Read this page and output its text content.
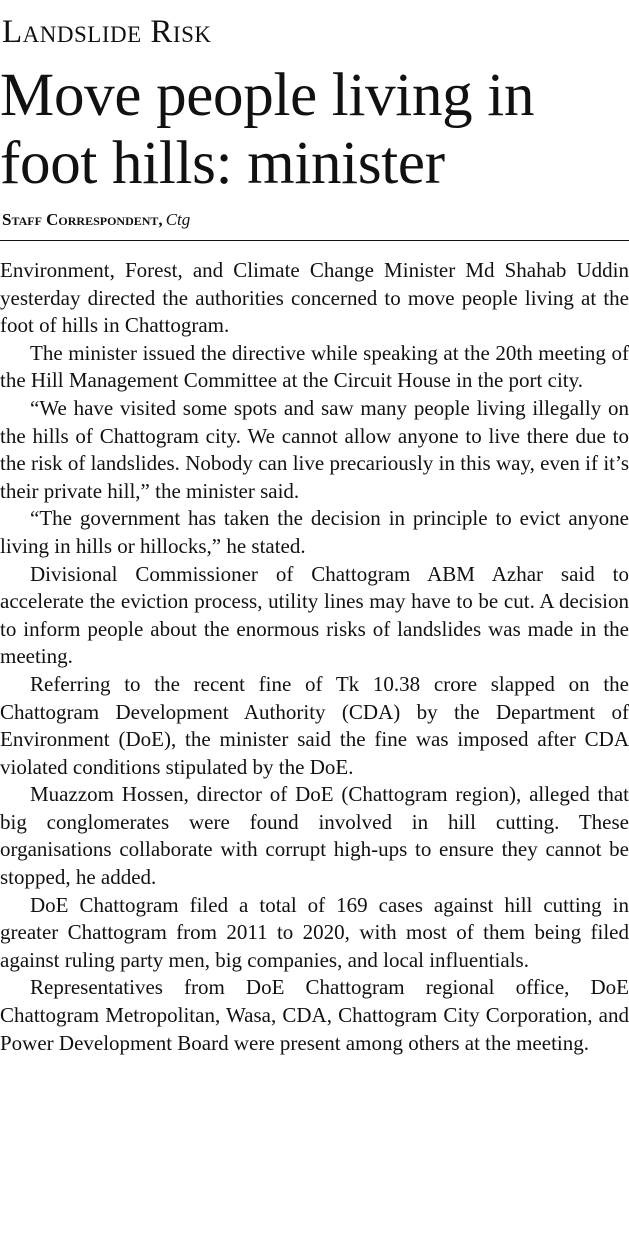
Landslide Risk
Move people living in foot hills: minister
Staff Correspondent, Ctg

Environment, Forest, and Climate Change Minister Md Shahab Uddin yesterday directed the authorities concerned to move people living at the foot of hills in Chattogram.

The minister issued the directive while speaking at the 20th meeting of the Hill Management Committee at the Circuit House in the port city.

“We have visited some spots and saw many people living illegally on the hills of Chattogram city. We cannot allow anyone to live there due to the risk of landslides. Nobody can live precariously in this way, even if it’s their private hill,” the minister said.

“The government has taken the decision in principle to evict anyone living in hills or hillocks,” he stated.

Divisional Commissioner of Chattogram ABM Azhar said to accelerate the eviction process, utility lines may have to be cut. A decision to inform people about the enormous risks of landslides was made in the meeting.

Referring to the recent fine of Tk 10.38 crore slapped on the Chattogram Development Authority (CDA) by the Department of Environment (DoE), the minister said the fine was imposed after CDA violated conditions stipulated by the DoE.

Muazzom Hossen, director of DoE (Chattogram region), alleged that big conglomerates were found involved in hill cutting. These organisations collaborate with corrupt high-ups to ensure they cannot be stopped, he added.

DoE Chattogram filed a total of 169 cases against hill cutting in greater Chattogram from 2011 to 2020, with most of them being filed against ruling party men, big companies, and local influentials.

Representatives from DoE Chattogram regional office, DoE Chattogram Metropolitan, Wasa, CDA, Chattogram City Corporation, and Power Development Board were present among others at the meeting.
